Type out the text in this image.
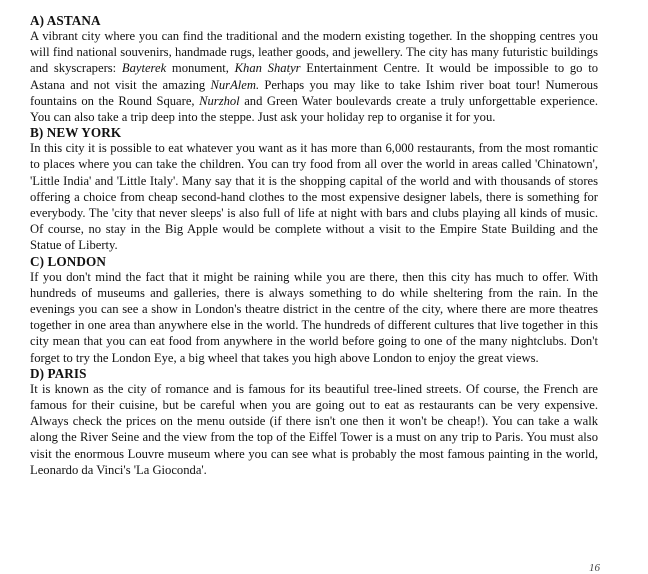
A) ASTANA

A vibrant city where you can find the traditional and the modern existing together. In the shopping centres you will find national souvenirs, handmade rugs, leather goods, and jewellery. The city has many futuristic buildings and skyscrapers: Bayterek monument, Khan Shatyr Entertainment Centre. It would be impossible to go to Astana and not visit the amazing NurAlem. Perhaps you may like to take Ishim river boat tour! Numerous fountains on the Round Square, Nurzhol and Green Water boulevards create a truly unforgettable experience. You can also take a trip deep into the steppe. Just ask your holiday rep to organise it for you.

B) NEW YORK

In this city it is possible to eat whatever you want as it has more than 6,000 restaurants, from the most romantic to places where you can take the children. You can try food from all over the world in areas called 'Chinatown', 'Little India' and 'Little Italy'. Many say that it is the shopping capital of the world and with thousands of stores offering a choice from cheap second-hand clothes to the most expensive designer labels, there is something for everybody. The 'city that never sleeps' is also full of life at night with bars and clubs playing all kinds of music. Of course, no stay in the Big Apple would be complete without a visit to the Empire State Building and the Statue of Liberty.

C) LONDON

If you don't mind the fact that it might be raining while you are there, then this city has much to offer. With hundreds of museums and galleries, there is always something to do while sheltering from the rain. In the evenings you can see a show in London's theatre district in the centre of the city, where there are more theatres together in one area than anywhere else in the world. The hundreds of different cultures that live together in this city mean that you can eat food from anywhere in the world before going to one of the many nightclubs. Don't forget to try the London Eye, a big wheel that takes you high above London to enjoy the great views.

D) PARIS

It is known as the city of romance and is famous for its beautiful tree-lined streets. Of course, the French are famous for their cuisine, but be careful when you are going out to eat as restaurants can be very expensive. Always check the prices on the menu outside (if there isn't one then it won't be cheap!). You can take a walk along the River Seine and the view from the top of the Eiffel Tower is a must on any trip to Paris. You must also visit the enormous Louvre museum where you can see what is probably the most famous painting in the world, Leonardo da Vinci's 'La Gioconda'.

16
